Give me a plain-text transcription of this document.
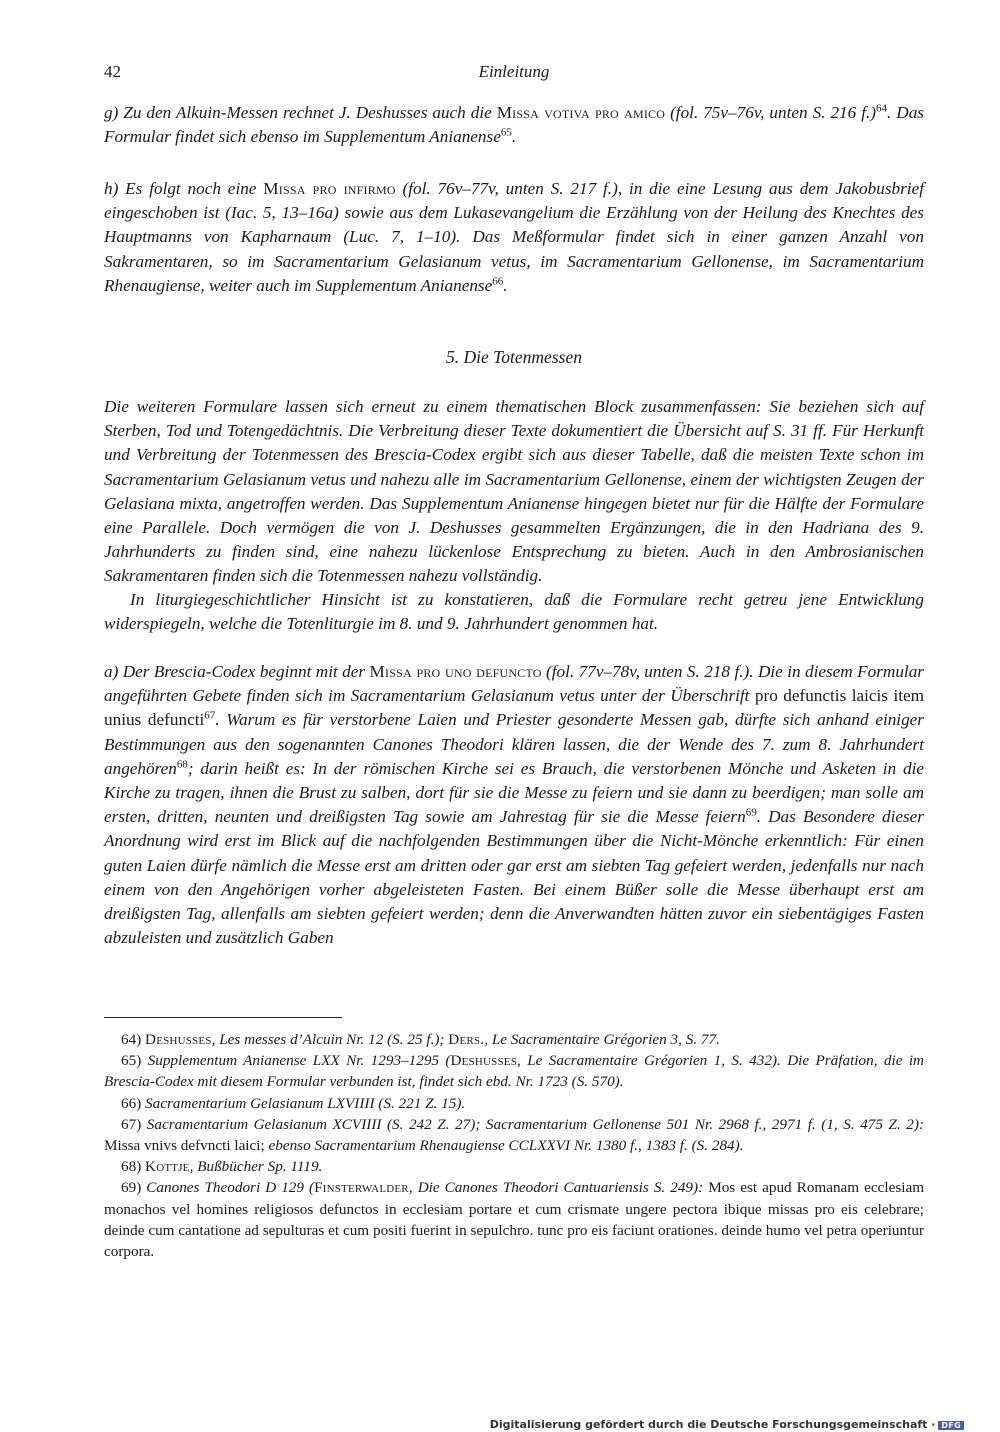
42	Einleitung

g) Zu den Alkuin-Messen rechnet J. Deshusses auch die Missa votiva pro amico (fol. 75v–76v, unten S. 216 f.)$^{64}$. Das Formular findet sich ebenso im Supplementum Anianense$^{65}$.

h) Es folgt noch eine Missa pro infirmo (fol. 76v–77v, unten S. 217 f.), in die eine Lesung aus dem Jakobusbrief eingeschoben ist (Iac. 5, 13–16a) sowie aus dem Lukasevangelium die Erzählung von der Heilung des Knechtes des Hauptmanns von Kapharnaum (Luc. 7, 1–10). Das Meßformular findet sich in einer ganzen Anzahl von Sakramentaren, so im Sacramentarium Gelasianum vetus, im Sacramentarium Gellonense, im Sacramentarium Rhenaugiense, weiter auch im Supplementum Anianense$^{66}$.

5. Die Totenmessen

Die weiteren Formulare lassen sich erneut zu einem thematischen Block zusammenfassen: Sie beziehen sich auf Sterben, Tod und Totengedächtnis. Die Verbreitung dieser Texte dokumentiert die Übersicht auf S. 31 ff. Für Herkunft und Verbreitung der Totenmessen des Brescia-Codex ergibt sich aus dieser Tabelle, daß die meisten Texte schon im Sacramentarium Gelasianum vetus und nahezu alle im Sacramentarium Gellonense, einem der wichtigsten Zeugen der Gelasiana mixta, angetroffen werden. Das Supplementum Anianense hingegen bietet nur für die Hälfte der Formulare eine Parallele. Doch vermögen die von J. Deshusses gesammelten Ergänzungen, die in den Hadriana des 9. Jahrhunderts zu finden sind, eine nahezu lückenlose Entsprechung zu bieten. Auch in den Ambrosianischen Sakramentaren finden sich die Totenmessen nahezu vollständig.

In liturgiegeschichtlicher Hinsicht ist zu konstatieren, daß die Formulare recht getreu jene Entwicklung widerspiegeln, welche die Totenliturgie im 8. und 9. Jahrhundert genommen hat.

a) Der Brescia-Codex beginnt mit der Missa pro uno defuncto (fol. 77v–78v, unten S. 218 f.). Die in diesem Formular angeführten Gebete finden sich im Sacramentarium Gelasianum vetus unter der Überschrift pro defunctis laicis item unius defuncti$^{67}$. Warum es für verstorbene Laien und Priester gesonderte Messen gab, dürfte sich anhand einiger Bestimmungen aus den sogenannten Canones Theodori klären lassen, die der Wende des 7. zum 8. Jahrhundert angehören$^{68}$; darin heißt es: In der römischen Kirche sei es Brauch, die verstorbenen Mönche und Asketen in die Kirche zu tragen, ihnen die Brust zu salben, dort für sie die Messe zu feiern und sie dann zu beerdigen; man solle am ersten, dritten, neunten und dreißigsten Tag sowie am Jahrestag für sie die Messe feiern$^{69}$. Das Besondere dieser Anordnung wird erst im Blick auf die nachfolgenden Bestimmungen über die Nicht-Mönche erkenntlich: Für einen guten Laien dürfe nämlich die Messe erst am dritten oder gar erst am siebten Tag gefeiert werden, jedenfalls nur nach einem von den Angehörigen vorher abgeleisteten Fasten. Bei einem Büßer solle die Messe überhaupt erst am dreißigsten Tag, allenfalls am siebten gefeiert werden; denn die Anverwandten hätten zuvor ein siebentägiges Fasten abzuleisten und zusätzlich Gaben

64) Deshusses, Les messes d’Alcuin Nr. 12 (S. 25 f.); Ders., Le Sacramentaire Grégorien 3, S. 77.

65) Supplementum Anianense LXX Nr. 1293–1295 (Deshusses, Le Sacramentaire Grégorien 1, S. 432). Die Präfation, die im Brescia-Codex mit diesem Formular verbunden ist, findet sich ebd. Nr. 1723 (S. 570).

66) Sacramentarium Gelasianum LXVIIII (S. 221 Z. 15).

67) Sacramentarium Gelasianum XCVIIII (S. 242 Z. 27); Sacramentarium Gellonense 501 Nr. 2968 f., 2971 f. (1, S. 475 Z. 2): Missa vnivs defvncti laici; ebenso Sacramentarium Rhenaugiense CCLXXVI Nr. 1380 f., 1383 f. (S. 284).

68) Kottje, Bußbücher Sp. 1119.

69) Canones Theodori D 129 (Finsterwalder, Die Canones Theodori Cantuariensis S. 249): Mos est apud Romanam ecclesiam monachos vel homines religiosos defunctos in ecclesiam portare et cum crismate ungere pectora ibique missas pro eis celebrare; deinde cum cantatione ad sepulturas et cum positi fuerint in sepulchro. tunc pro eis faciunt orationes. deinde humo vel petra operiuntur corpora.

Digitalisierung gefördert durch die Deutsche Forschungsgemeinschaft · DFG
